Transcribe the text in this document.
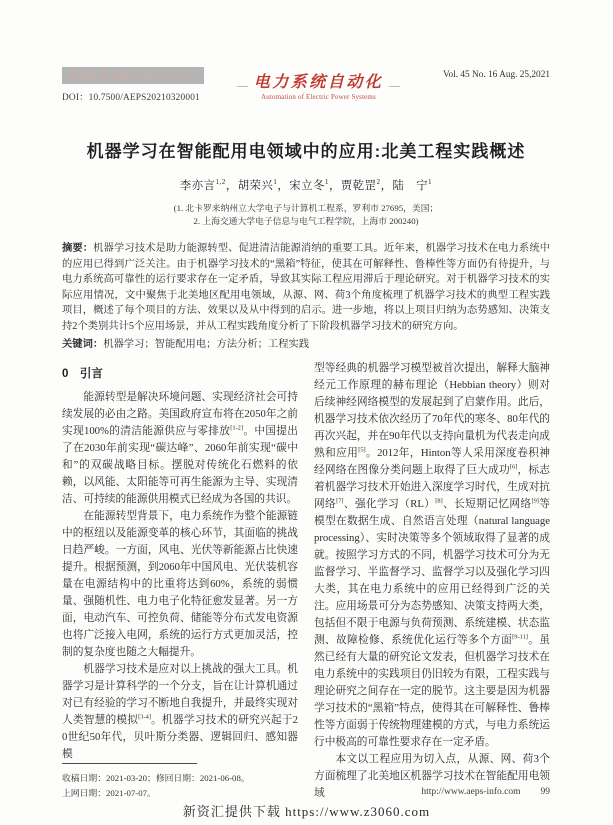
第45卷 第16期 2021年8月25日
DOI：10.7500/AEPS20210320001
电力系统自动化
Automation of Electric Power Systems
Vol. 45 No. 16 Aug. 25,2021
机器学习在智能配用电领域中的应用:北美工程实践概述
李亦言$^{1,2}$，胡荣兴$^1$，宋立冬$^1$，贾乾罡$^2$，陆　宁$^1$
(1. 北卡罗来纳州立大学电子与计算机工程系，罗利市 27695，美国；
2. 上海交通大学电子信息与电气工程学院，上海市 200240)

摘要：机器学习技术是助力能源转型、促进清洁能源消纳的重要工具。近年来，机器学习技术在电力系统中的应用已得到广泛关注。由于机器学习技术的“黑箱”特征，使其在可解释性、鲁棒性等方面仍有待提升，与电力系统高可靠性的运行要求存在一定矛盾，导致其实际工程应用滞后于理论研究。对于机器学习技术的实际应用情况，文中聚焦于北美地区配用电领域，从源、网、荷3个角度梳理了机器学习技术的典型工程实践项目，概述了每个项目的方法、效果以及从中得到的启示。进一步地，将以上项目归纳为态势感知、决策支持2个类别共计5个应用场景，并从工程实践角度分析了下阶段机器学习技术的研究方向。

关键词：机器学习；智能配用电；方法分析；工程实践

0　引言

能源转型是解决环境问题、实现经济社会可持续发展的必由之路。美国政府宣布将在2050年之前实现100%的清洁能源供应与零排放[1-2]。中国提出了在2030年前实现“碳达峰”、2060年前实现“碳中和”的双碳战略目标。摆脱对传统化石燃料的依赖，以风能、太阳能等可再生能源为主导、实现清洁、可持续的能源供用模式已经成为各国的共识。

在能源转型背景下，电力系统作为整个能源链中的枢纽以及能源变革的核心环节，其面临的挑战日趋严峻。一方面，风电、光伏等新能源占比快速提升。根据预测，到2060年中国风电、光伏装机容量在电源结构中的比重将达到60%，系统的弱惯量、强随机性、电力电子化特征愈发显著。另一方面，电动汽车、可控负荷、储能等分布式发电资源也将广泛接入电网，系统的运行方式更加灵活，控制的复杂度也随之大幅提升。

机器学习技术是应对以上挑战的强大工具。机器学习是计算科学的一个分支，旨在让计算机通过对已有经验的学习不断地自我提升，并最终实现对人类智慧的模拟[3-4]。机器学习技术的研究兴起于20世纪50年代，贝叶斯分类器、逻辑回归、感知器模

收稿日期：2021-03-20；修回日期：2021-06-08。
上网日期：2021-07-07。

型等经典的机器学习模型被首次提出，解释大脑神经元工作原理的赫布理论（Hebbian theory）则对后续神经网络模型的发展起到了启蒙作用。此后，机器学习技术依次经历了70年代的寒冬、80年代的再次兴起，并在90年代以支持向量机为代表走向成熟和应用[5]。2012年，Hinton等人采用深度卷积神经网络在图像分类问题上取得了巨大成功[6]，标志着机器学习技术开始进入深度学习时代，生成对抗网络[7]、强化学习（RL）[8]、长短期记忆网络[9]等模型在数据生成、自然语言处理（natural language processing）、实时决策等多个领域取得了显著的成就。按照学习方式的不同，机器学习技术可分为无监督学习、半监督学习、监督学习以及强化学习四大类，其在电力系统中的应用已经得到广泛的关注。应用场景可分为态势感知、决策支持两大类，包括但不限于电源与负荷预测、系统建模、状态监测、故障检修、系统优化运行等多个方面[9-11]。虽然已经有大量的研究论文发表，但机器学习技术在电力系统中的实践项目仍旧较为有限，工程实践与理论研究之间存在一定的脱节。这主要是因为机器学习技术的“黑箱”特点，使得其在可解释性、鲁棒性等方面弱于传统物理建模的方式，与电力系统运行中极高的可靠性要求存在一定矛盾。

本文以工程应用为切入点，从源、网、荷3个方面梳理了北美地区机器学习技术在智能配用电领域	http://www.aeps-info.com 99
新资汇提供下载 https://www.z3060.com
